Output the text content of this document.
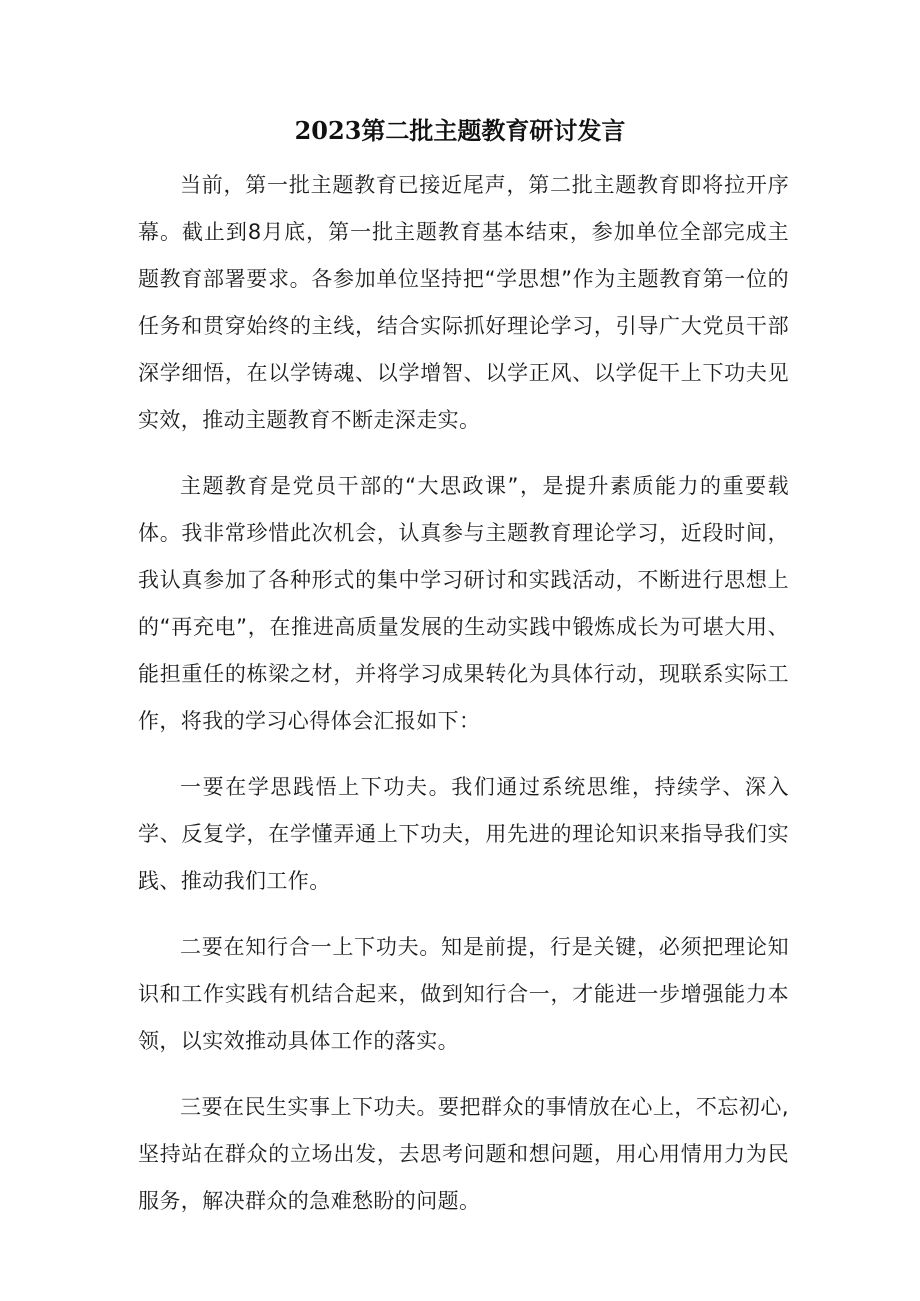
2023第二批主题教育研讨发言

当前，第一批主题教育已接近尾声，第二批主题教育即将拉开序幕。截止到8月底，第一批主题教育基本结束，参加单位全部完成主题教育部署要求。各参加单位坚持把“学思想”作为主题教育第一位的任务和贯穿始终的主线，结合实际抓好理论学习，引导广大党员干部深学细悟，在以学铸魂、以学增智、以学正风、以学促干上下功夫见实效，推动主题教育不断走深走实。

主题教育是党员干部的“大思政课”，是提升素质能力的重要载体。我非常珍惜此次机会，认真参与主题教育理论学习，近段时间，我认真参加了各种形式的集中学习研讨和实践活动，不断进行思想上的“再充电”，在推进高质量发展的生动实践中锻炼成长为可堪大用、能担重任的栋梁之材，并将学习成果转化为具体行动，现联系实际工作，将我的学习心得体会汇报如下：

一要在学思践悟上下功夫。我们通过系统思维，持续学、深入学、反复学，在学懂弄通上下功夫，用先进的理论知识来指导我们实践、推动我们工作。

二要在知行合一上下功夫。知是前提，行是关键，必须把理论知识和工作实践有机结合起来，做到知行合一，才能进一步增强能力本领，以实效推动具体工作的落实。

三要在民生实事上下功夫。要把群众的事情放在心上，不忘初心,坚持站在群众的立场出发，去思考问题和想问题，用心用情用力为民服务，解决群众的急难愁盼的问题。
